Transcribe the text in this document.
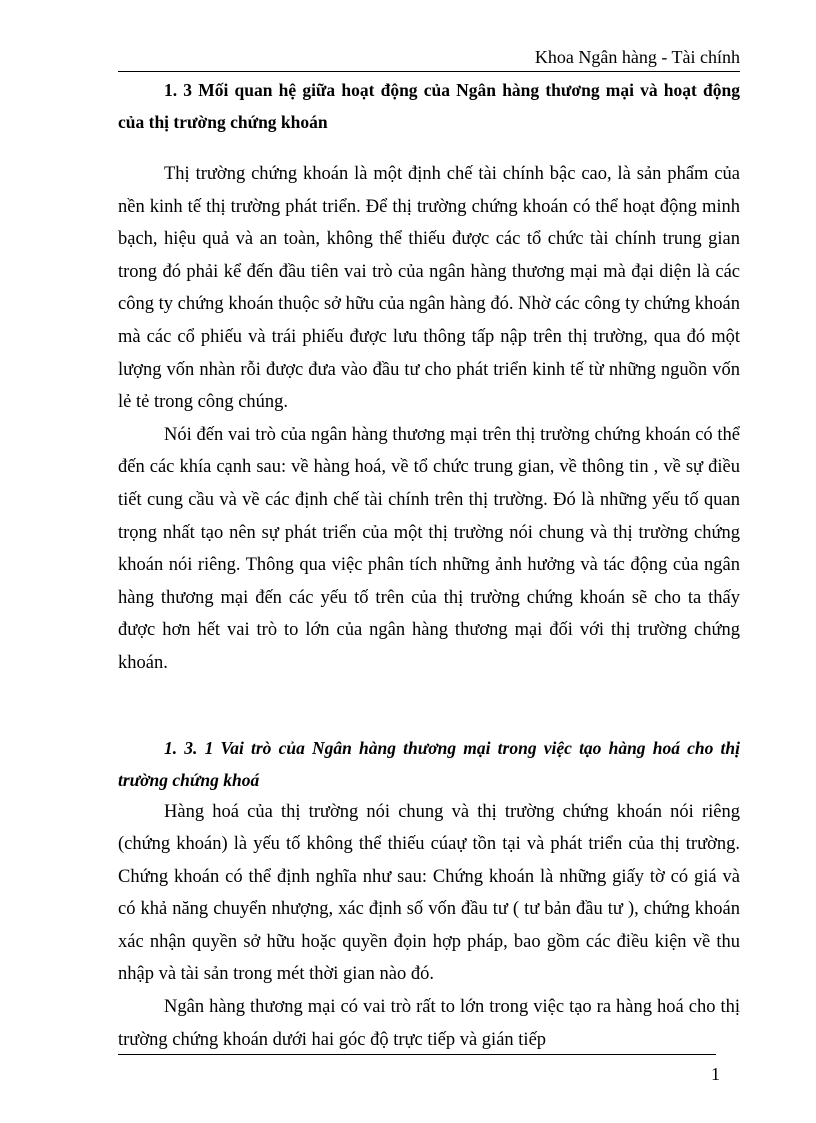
Khoa Ngân hàng - Tài chính

1. 3 Mối quan hệ giữa hoạt động của Ngân hàng thương mại và hoạt động của thị trường chứng khoán

Thị trường chứng khoán là một định chế tài chính bậc cao, là sản phẩm của nền kinh tế thị trường phát triển. Để thị trường chứng khoán có thể hoạt động minh bạch, hiệu quả và an toàn, không thể thiếu được các tổ chức tài chính trung gian trong đó phải kể đến đầu tiên vai trò của ngân hàng thương mại mà đại diện là các công ty chứng khoán thuộc sở hữu của ngân hàng đó. Nhờ các công ty chứng khoán mà các cổ phiếu và trái phiếu được lưu thông tấp nập trên thị trường, qua đó một lượng vốn nhàn rỗi được đưa vào đầu tư cho phát triển kinh tế từ những nguồn vốn lẻ tẻ trong công chúng.

Nói đến vai trò của ngân hàng thương mại trên thị trường chứng khoán có thể đến các khía cạnh sau: về hàng hoá, về tổ chức trung gian, về thông tin , về sự điều tiết cung cầu và về các định chế tài chính trên thị trường. Đó là những yếu tố quan trọng nhất tạo nên sự phát triển của một thị trường nói chung và thị trường chứng khoán nói riêng. Thông qua việc phân tích những ảnh hưởng và tác động của ngân hàng thương mại đến các yếu tố trên của thị trường chứng khoán sẽ cho ta thấy được hơn hết vai trò to lớn của ngân hàng thương mại đối với thị trường chứng khoán.

1. 3. 1 Vai trò của Ngân hàng thương mại trong việc tạo hàng hoá cho thị trường chứng khoá

Hàng hoá của thị trường nói chung và thị trường chứng khoán nói riêng (chứng khoán) là yếu tố không thể thiếu cúaự tồn tại và phát triển của thị trường. Chứng khoán có thể định nghĩa như sau: Chứng khoán là những giấy tờ có giá và có khả năng chuyển nhượng, xác định số vốn đầu tư ( tư bản đầu tư ), chứng khoán xác nhận quyền sở hữu hoặc quyền đọin hợp pháp, bao gồm các điều kiện về thu nhập và tài sản trong mét thời gian nào đó.

Ngân hàng thương mại có vai trò rất to lớn trong việc tạo ra hàng hoá cho thị trường chứng khoán dưới hai góc độ trực tiếp và gián tiếp

1
